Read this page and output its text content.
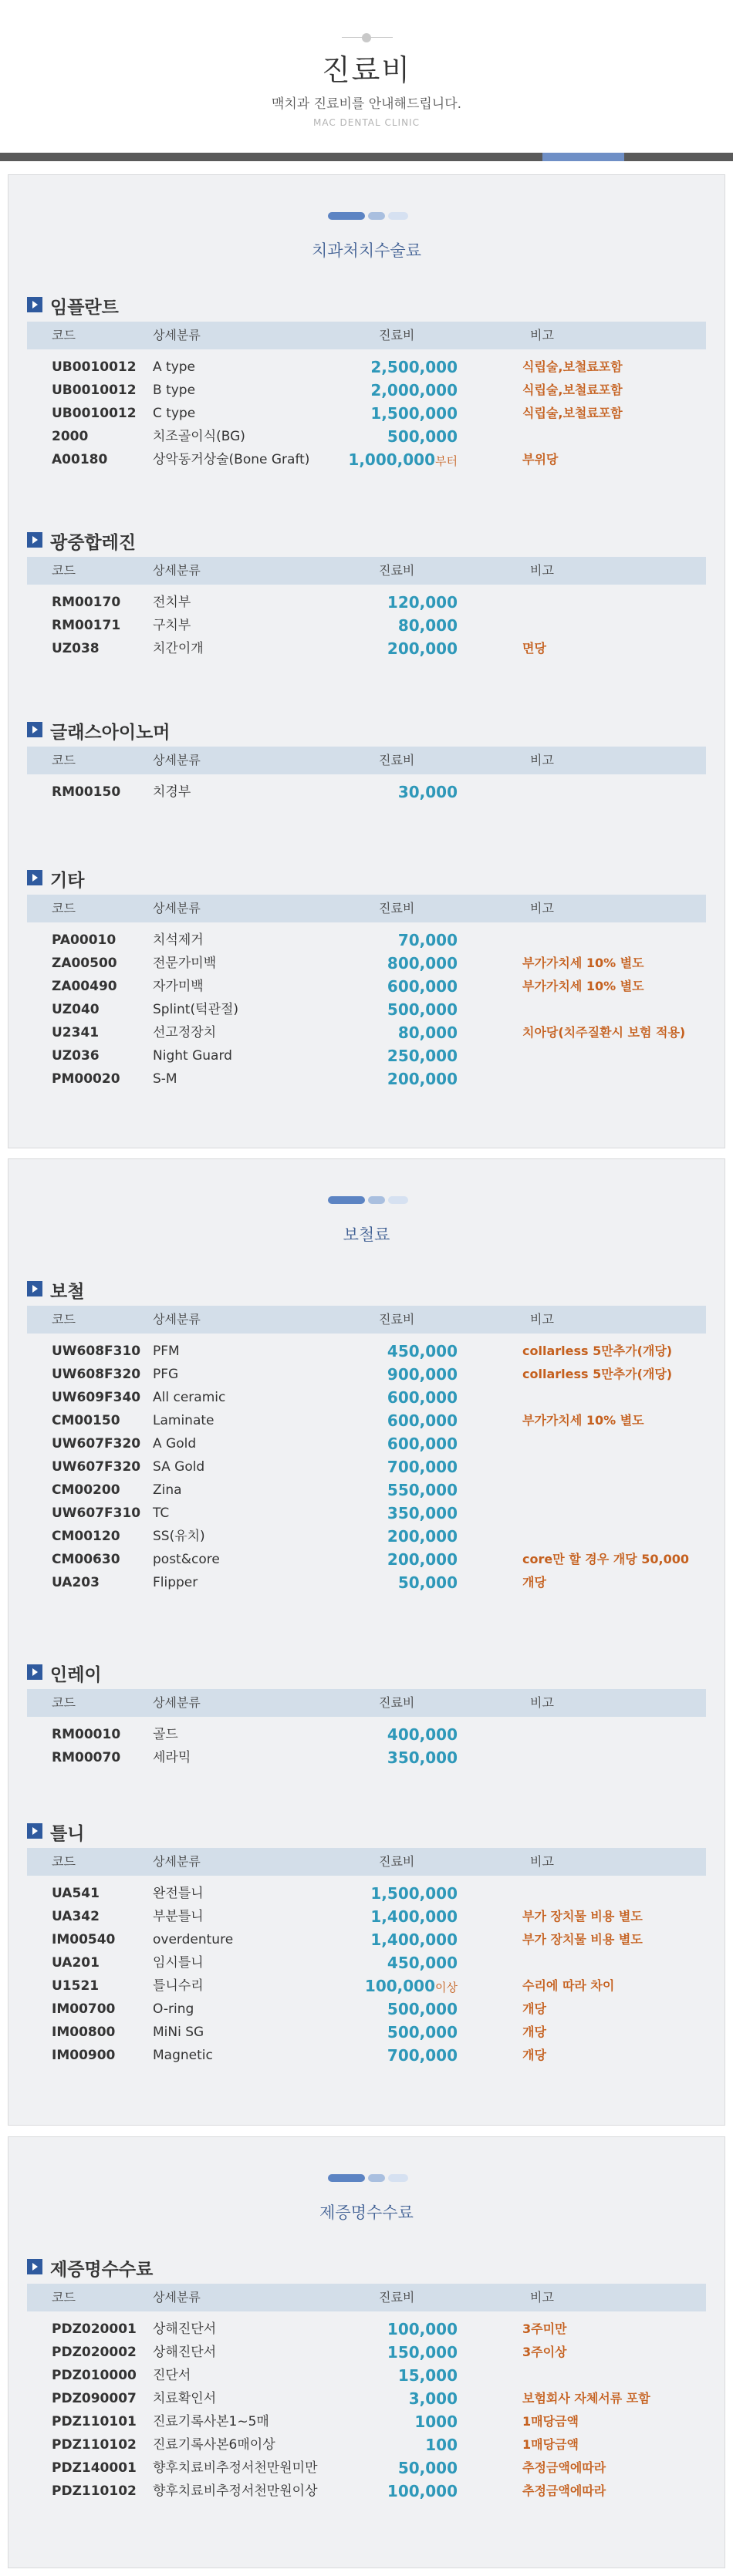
진료비
맥치과 진료비를 안내해드립니다.
MAC DENTAL CLINIC
치과처치수술료
임플란트
코드	상세분류	진료비	비고
UB0010012 A type	2,500,000	식립술,보철료포함
UB0010012 B type	2,000,000	식립술,보철료포함
UB0010012 C type	1,500,000	식립술,보철료포함
2000	치조골이식(BG)	500,000
A00180	상악동거상술(Bone Graft)	1,000,000부터	부위당
광중합레진
코드	상세분류	진료비	비고
RM00170 전치부	120,000
RM00171 구치부	80,000
UZ038	치간이개	200,000	면당
글래스아이노머
코드	상세분류	진료비	비고
RM00150 치경부	30,000
기타
코드	상세분류	진료비	비고
PA00010	치석제거	70,000
ZA00500	전문가미백	800,000	부가가치세 10% 별도
ZA00490	자가미백	600,000	부가가치세 10% 별도
UZ040	Splint(턱관절)	500,000
U2341	선고정장치	80,000	치아당(치주질환시 보험 적용)
UZ036	Night Guard	250,000
PM00020 S-M	200,000
보철료
보철
코드	상세분류	진료비	비고
UW608F310 PFM	450,000	collarless 5만추가(개당)
UW608F320 PFG	900,000	collarless 5만추가(개당)
UW609F340 All ceramic	600,000
CM00150 Laminate	600,000	부가가치세 10% 별도
UW607F320 A Gold	600,000
UW607F320 SA Gold	700,000
CM00200 Zina	550,000
UW607F310 TC	350,000
CM00120 SS(유치)	200,000
CM00630 post&core	200,000	core만 할 경우 개당 50,000
UA203	Flipper	50,000	개당
인레이
코드	상세분류	진료비	비고
RM00010 골드	400,000
RM00070 세라믹	350,000
틀니
코드	상세분류	진료비	비고
UA541	완전틀니	1,500,000
UA342	부분틀니	1,400,000	부가 장치물 비용 별도
IM00540	overdenture	1,400,000	부가 장치물 비용 별도
UA201	임시틀니	450,000
U1521	틀니수리	100,000이상	수리에 따라 차이
IM00700	O-ring	500,000	개당
IM00800	MiNi SG	500,000	개당
IM00900	Magnetic	700,000	개당
제증명수수료
제증명수수료
코드	상세분류	진료비	비고
PDZ020001 상해진단서	100,000	3주미만
PDZ020002 상해진단서	150,000	3주이상
PDZ010000 진단서	15,000
PDZ090007 치료확인서	3,000	보험회사 자체서류 포함
PDZ110101 진료기록사본1~5매	1000	1매당금액
PDZ110102 진료기록사본6매이상	100	1매당금액
PDZ140001 향후치료비추정서천만원미만	50,000	추정금액에따라
PDZ110102 향후치료비추정서천만원이상	100,000	추정금액에따라
